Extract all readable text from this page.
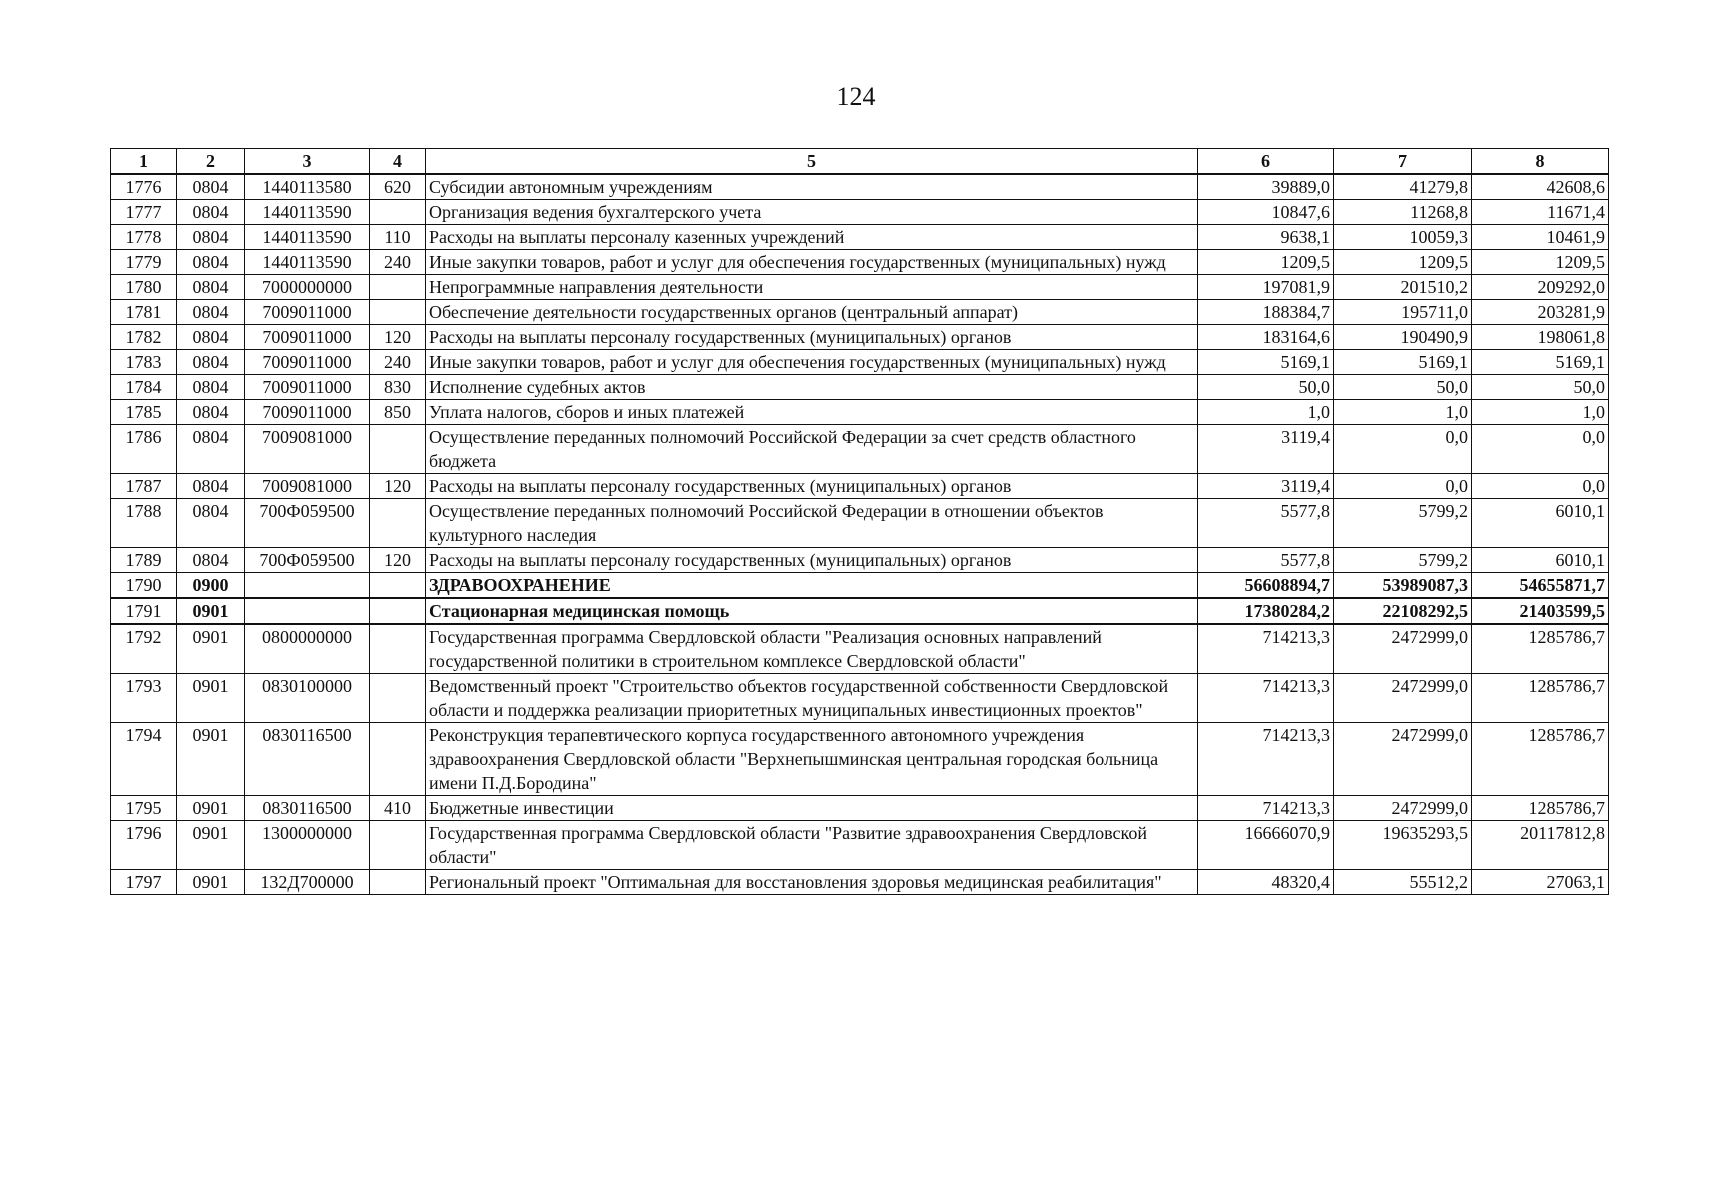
124
1	2	3	4	5	6	7	8
1776	0804	1440113580	620	Субсидии автономным учреждениям	39889,0	41279,8	42608,6
1777	0804	1440113590		Организация ведения бухгалтерского учета	10847,6	11268,8	11671,4
1778	0804	1440113590	110	Расходы на выплаты персоналу казенных учреждений	9638,1	10059,3	10461,9
1779	0804	1440113590	240	Иные закупки товаров, работ и услуг для обеспечения государственных (муниципальных) нужд	1209,5	1209,5	1209,5
1780	0804	7000000000		Непрограммные направления деятельности	197081,9	201510,2	209292,0
1781	0804	7009011000		Обеспечение деятельности государственных органов (центральный аппарат)	188384,7	195711,0	203281,9
1782	0804	7009011000	120	Расходы на выплаты персоналу государственных (муниципальных) органов	183164,6	190490,9	198061,8
1783	0804	7009011000	240	Иные закупки товаров, работ и услуг для обеспечения государственных (муниципальных) нужд	5169,1	5169,1	5169,1
1784	0804	7009011000	830	Исполнение судебных актов	50,0	50,0	50,0
1785	0804	7009011000	850	Уплата налогов, сборов и иных платежей	1,0	1,0	1,0
1786	0804	7009081000		Осуществление переданных полномочий Российской Федерации за счет средств областного бюджета	3119,4	0,0	0,0
1787	0804	7009081000	120	Расходы на выплаты персоналу государственных (муниципальных) органов	3119,4	0,0	0,0
1788	0804	700Ф059500		Осуществление переданных полномочий Российской Федерации в отношении объектов культурного наследия	5577,8	5799,2	6010,1
1789	0804	700Ф059500	120	Расходы на выплаты персоналу государственных (муниципальных) органов	5577,8	5799,2	6010,1
1790	0900			ЗДРАВООХРАНЕНИЕ	56608894,7	53989087,3	54655871,7
1791	0901			Стационарная медицинская помощь	17380284,2	22108292,5	21403599,5
1792	0901	0800000000		Государственная программа Свердловской области "Реализация основных направлений государственной политики в строительном комплексе Свердловской области"	714213,3	2472999,0	1285786,7
1793	0901	0830100000		Ведомственный проект "Строительство объектов государственной собственности Свердловской области и поддержка реализации приоритетных муниципальных инвестиционных проектов"	714213,3	2472999,0	1285786,7
1794	0901	0830116500		Реконструкция терапевтического корпуса государственного автономного учреждения здравоохранения Свердловской области "Верхнепышминская центральная городская больница имени П.Д.Бородина"	714213,3	2472999,0	1285786,7
1795	0901	0830116500	410	Бюджетные инвестиции	714213,3	2472999,0	1285786,7
1796	0901	1300000000		Государственная программа Свердловской области "Развитие здравоохранения Свердловской области"	16666070,9	19635293,5	20117812,8
1797	0901	132Д700000		Региональный проект "Оптимальная для восстановления здоровья медицинская реабилитация"	48320,4	55512,2	27063,1
